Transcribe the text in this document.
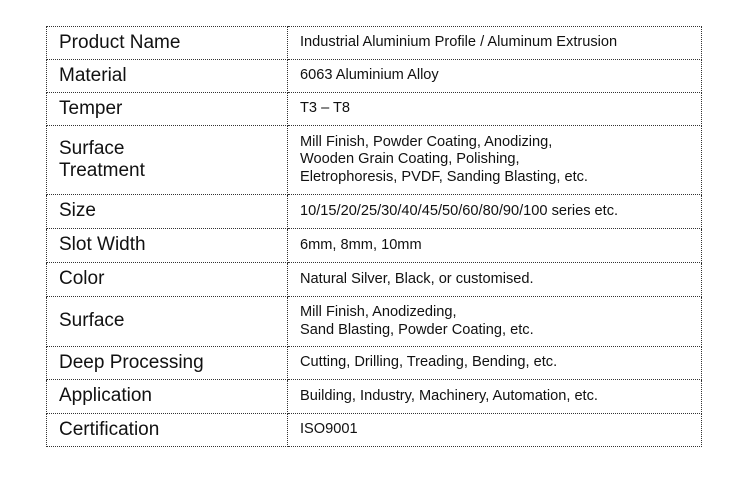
Product Name	Industrial Aluminium Profile / Aluminum Extrusion

Material	6063 Aluminium Alloy

Temper	T3 – T8

Surface Treatment	Mill Finish, Powder Coating, Anodizing,
Wooden Grain Coating, Polishing,
Eletrophoresis, PVDF, Sanding Blasting, etc.

Size	10/15/20/25/30/40/45/50/60/80/90/100 series etc.

Slot Width	6mm, 8mm, 10mm

Color	Natural Silver, Black, or customised.

Surface	Mill Finish, Anodizeding,
Sand Blasting, Powder Coating, etc.

Deep Processing	Cutting, Drilling, Treading, Bending, etc.

Application	Building, Industry, Machinery, Automation, etc.

Certification	ISO9001
